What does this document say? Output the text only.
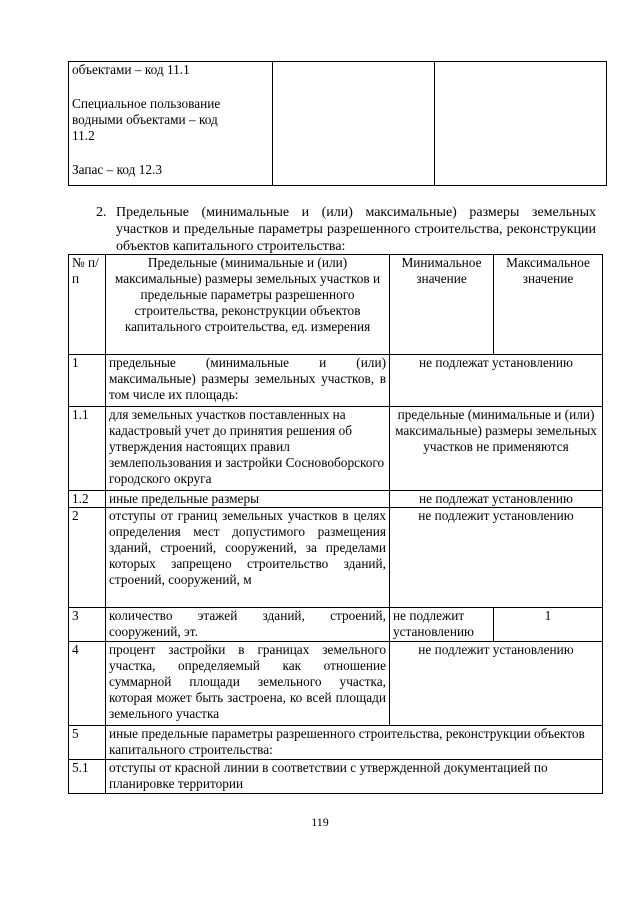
объектами – код 11.1
Специальное пользование
водными объектами – код
11.2
Запас – код 12.3

2. Предельные (минимальные и (или) максимальные) размеры земельных участков и предельные параметры разрешенного строительства, реконструкции объектов капитального строительства:
№ п/п	Предельные (минимальные и (или) максимальные) размеры земельных участков и предельные параметры разрешенного строительства, реконструкции объектов капитального строительства, ед. измерения	Минимальное значение	Максимальное значение
1	предельные (минимальные и (или) максимальные) размеры земельных участков, в том числе их площадь:	не подлежат установлению	
1.1	для земельных участков поставленных на кадастровый учет до принятия решения об утверждения настоящих правил землепользования и застройки Сосновоборского городского округа	предельные (минимальные и (или) максимальные) размеры земельных участков не применяются	
1.2	иные предельные размеры	не подлежат установлению	
2	отступы от границ земельных участков в целях определения мест допустимого размещения зданий, строений, сооружений, за пределами которых запрещено строительство зданий, строений, сооружений, м	не подлежит установлению	
3	количество этажей зданий, строений, сооружений, эт.	не подлежит установлению	1
4	процент застройки в границах земельного участка, определяемый как отношение суммарной площади земельного участка, которая может быть застроена, ко всей площади земельного участка	не подлежит установлению	
5	иные предельные параметры разрешенного строительства, реконструкции объектов капитального строительства:		
5.1	отступы от красной линии в соответствии с утвержденной документацией по планировке территории		
119
